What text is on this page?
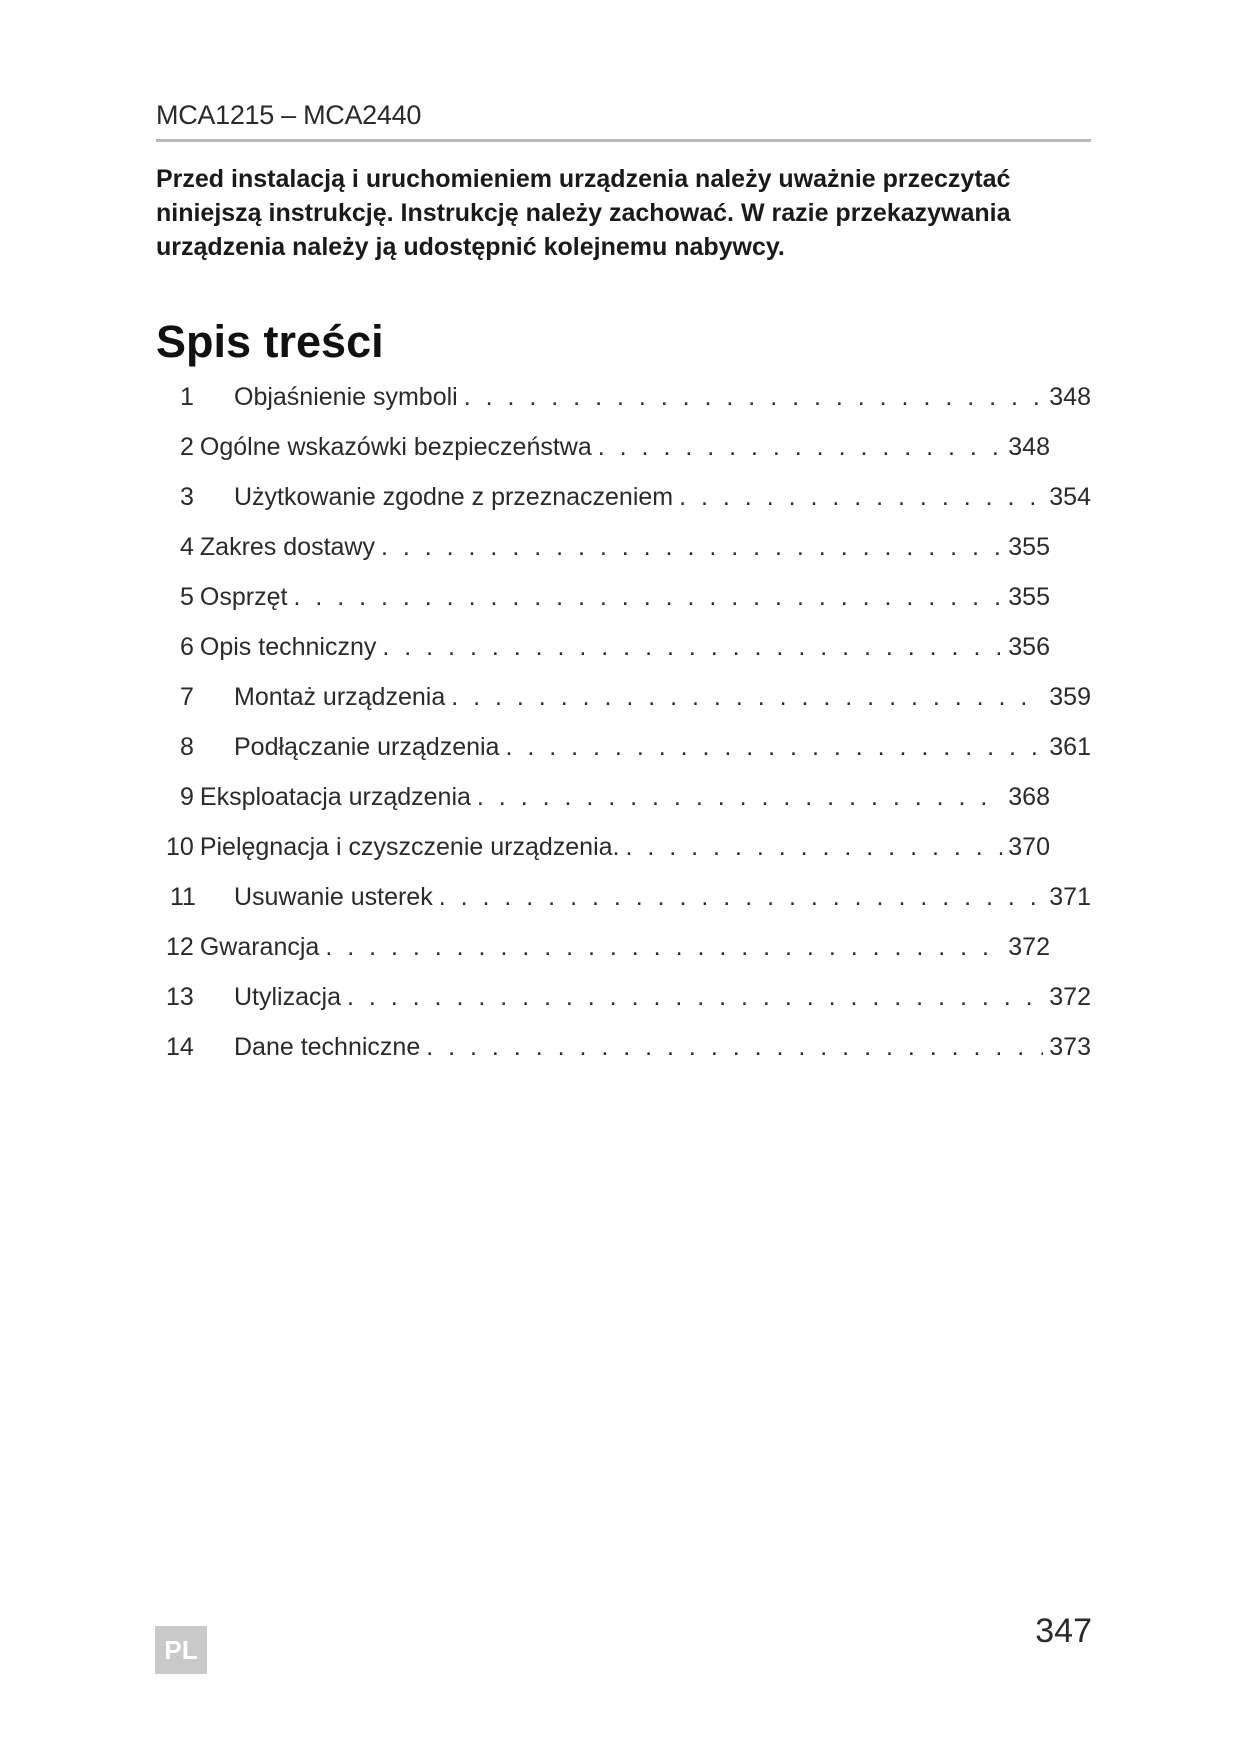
MCA1215 – MCA2440
Przed instalacją i uruchomieniem urządzenia należy uważnie przeczytać niniejszą instrukcję. Instrukcję należy zachować. W razie przekazywania urządzenia należy ją udostępnić kolejnemu nabywcy.
Spis treści
1	Objaśnienie symboli . . .	348
2 Ogólne wskazówki bezpieczeństwa . . .	348
3	Użytkowanie zgodne z przeznaczeniem . . .	354
4 Zakres dostawy . . .	355
5 Osprzęt . . .	355
6 Opis techniczny . . .	356
7	Montaż urządzenia . . .	359
8	Podłączanie urządzenia . . .	361
9 Eksploatacja urządzenia . . .	368
10 Pielęgnacja i czyszczenie urządzenia. . . .	370
11	Usuwanie usterek . . .	371
12 Gwarancja . . .	372
13	Utylizacja . . .	372
14	Dane techniczne . . .	373
PL	347
